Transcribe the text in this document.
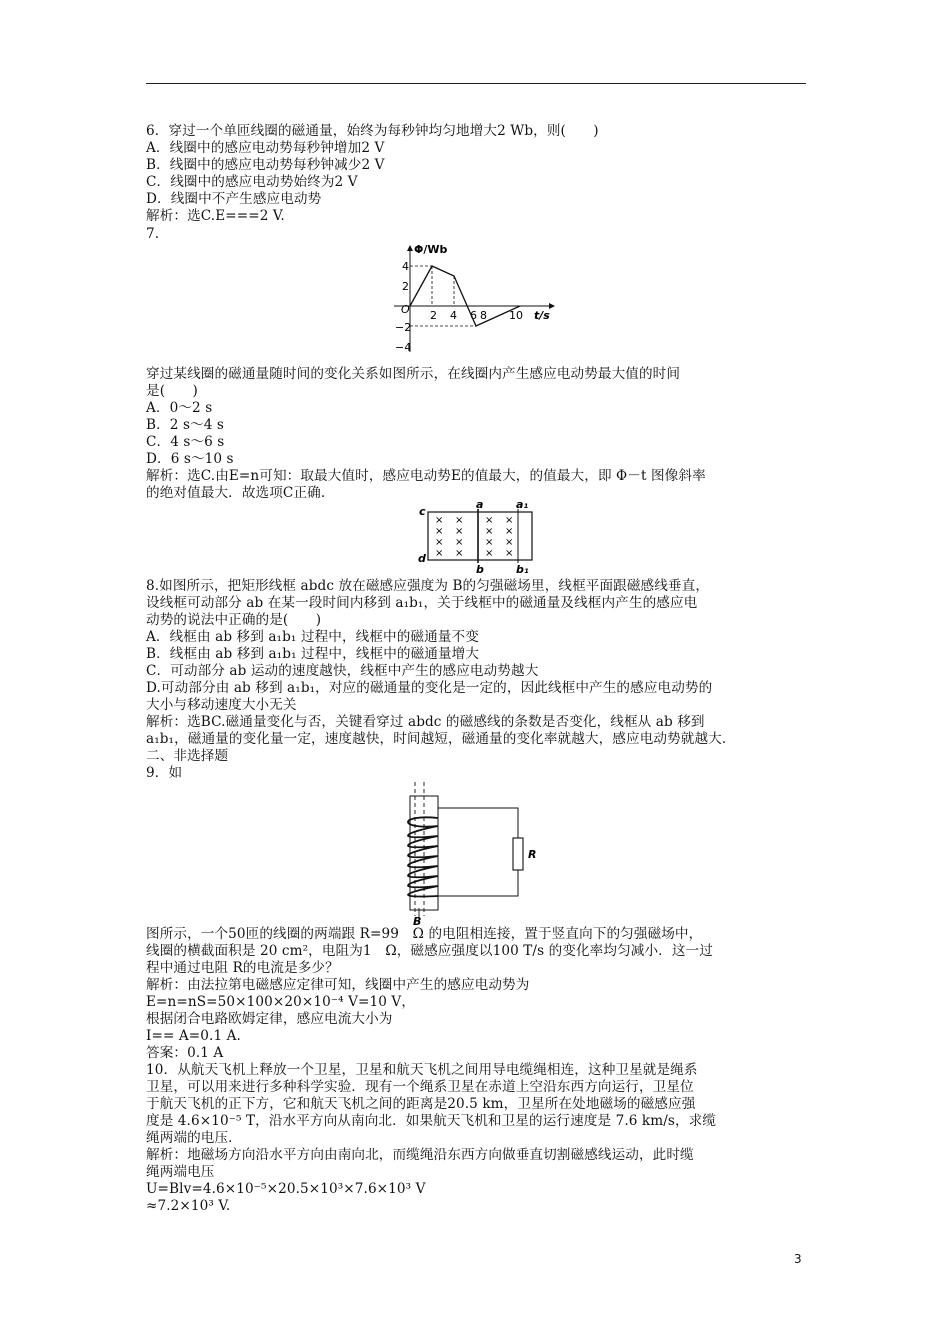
6．穿过一个单匝线圈的磁通量，始终为每秒钟均匀地增大2 Wb，则(　　)
A．线圈中的感应电动势每秒钟增加2 V
B．线圈中的感应电动势每秒钟减少2 V
C．线圈中的感应电动势始终为2 V
D．线圈中不产生感应电动势
解析：选C.E===2 V.
7.
穿过某线圈的磁通量随时间的变化关系如图所示，在线圈内产生感应电动势最大值的时间
是(　　)
A．0～2 s
B．2 s～4 s
C．4 s～6 s
D．6 s～10 s
解析：选C.由E=n可知：取最大值时，感应电动势E的值最大，的值最大，即 Φ－t 图像斜率
的绝对值最大．故选项C正确.
8.如图所示，把矩形线框 abdc 放在磁感应强度为 B的匀强磁场里，线框平面跟磁感线垂直，
设线框可动部分 ab 在某一段时间内移到 a₁b₁，关于线框中的磁通量及线框内产生的感应电
动势的说法中正确的是(　　)
A．线框由 ab 移到 a₁b₁ 过程中，线框中的磁通量不变
B．线框由 ab 移到 a₁b₁ 过程中，线框中的磁通量增大
C．可动部分 ab 运动的速度越快，线框中产生的感应电动势越大
D.可动部分由 ab 移到 a₁b₁，对应的磁通量的变化是一定的，因此线框中产生的感应电动势的
大小与移动速度大小无关
解析：选BC.磁通量变化与否，关键看穿过 abdc 的磁感线的条数是否变化，线框从 ab 移到
a₁b₁，磁通量的变化量一定，速度越快，时间越短，磁通量的变化率就越大，感应电动势就越大.
二、非选择题
9．如
图所示，一个50匝的线圈的两端跟 R=99　Ω 的电阻相连接，置于竖直向下的匀强磁场中，
线圈的横截面积是 20 cm²，电阻为1　Ω，磁感应强度以100 T/s 的变化率均匀减小．这一过
程中通过电阻 R的电流是多少？
解析：由法拉第电磁感应定律可知，线圈中产生的感应电动势为
E=n=nS=50×100×20×10⁻⁴ V=10 V，
根据闭合电路欧姆定律，感应电流大小为
I== A=0.1 A.
答案：0.1 A
10．从航天飞机上释放一个卫星，卫星和航天飞机之间用导电缆绳相连，这种卫星就是绳系
卫星，可以用来进行多种科学实验．现有一个绳系卫星在赤道上空沿东西方向运行，卫星位
于航天飞机的正下方，它和航天飞机之间的距离是20.5 km，卫星所在处地磁场的磁感应强
度是 4.6×10⁻⁵ T，沿水平方向从南向北．如果航天飞机和卫星的运行速度是 7.6 km/s，求缆
绳两端的电压．
解析：地磁场方向沿水平方向由南向北，而缆绳沿东西方向做垂直切割磁感线运动，此时缆
绳两端电压
U=Blv=4.6×10⁻⁵×20.5×10³×7.6×10³ V
≈7.2×10³ V.
Φ/Wb
t/s
O
4
2
−2
−4
2 4 6 8 10
c
a	a₁
d
b	b₁
×
×
×
×
×
×
×
×
×
×
×
×
×
×
×
×
R
B
3
